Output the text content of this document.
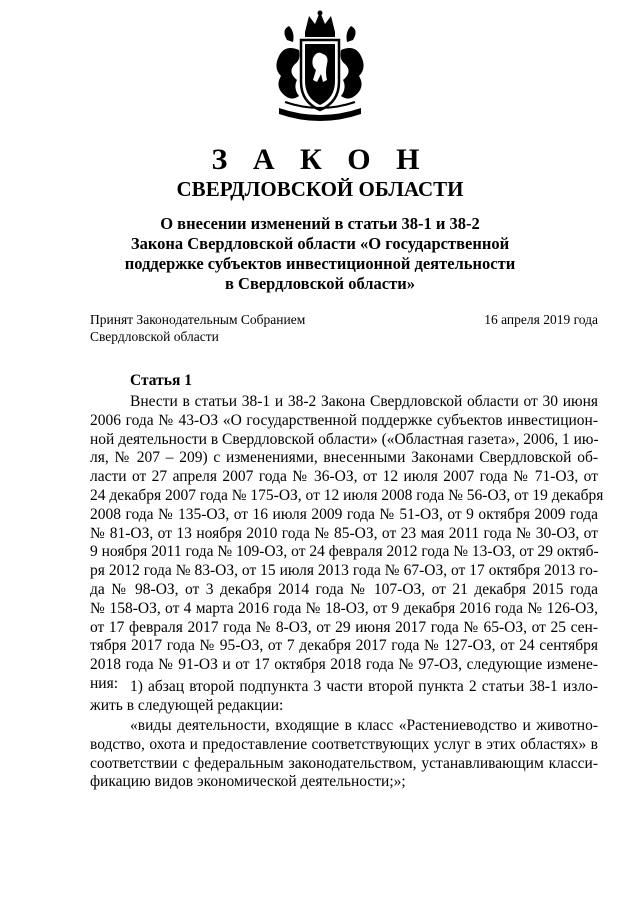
З А К О Н
СВЕРДЛОВСКОЙ ОБЛАСТИ
О внесении изменений в статьи 38-1 и 38-2
Закона Свердловской области «О государственной
поддержке субъектов инвестиционной деятельности
в Свердловской области»
Принят Законодательным Собранием
Свердловской области
16 апреля 2019 года
Статья 1
Внести в статьи 38-1 и 38-2 Закона Свердловской области от 30 июня
2006 года № 43-ОЗ «О государственной поддержке субъектов инвестицион-
ной деятельности в Свердловской области» («Областная газета», 2006, 1 ию-
ля, № 207 – 209) с изменениями, внесенными Законами Свердловской об-
ласти от 27 апреля 2007 года № 36-ОЗ, от 12 июля 2007 года № 71-ОЗ, от
24 декабря 2007 года № 175-ОЗ, от 12 июля 2008 года № 56-ОЗ, от 19 декабря
2008 года № 135-ОЗ, от 16 июля 2009 года № 51-ОЗ, от 9 октября 2009 года
№ 81-ОЗ, от 13 ноября 2010 года № 85-ОЗ, от 23 мая 2011 года № 30-ОЗ, от
9 ноября 2011 года № 109-ОЗ, от 24 февраля 2012 года № 13-ОЗ, от 29 октяб-
ря 2012 года № 83-ОЗ, от 15 июля 2013 года № 67-ОЗ, от 17 октября 2013 го-
да № 98-ОЗ, от 3 декабря 2014 года № 107-ОЗ, от 21 декабря 2015 года
№ 158-ОЗ, от 4 марта 2016 года № 18-ОЗ, от 9 декабря 2016 года № 126-ОЗ,
от 17 февраля 2017 года № 8-ОЗ, от 29 июня 2017 года № 65-ОЗ, от 25 сен-
тября 2017 года № 95-ОЗ, от 7 декабря 2017 года № 127-ОЗ, от 24 сентября
2018 года № 91-ОЗ и от 17 октября 2018 года № 97-ОЗ, следующие измене-
ния: 1) абзац второй подпункта 3 части второй пункта 2 статьи 38-1 изло-
жить в следующей редакции:
«виды деятельности, входящие в класс «Растениеводство и животно-
водство, охота и предоставление соответствующих услуг в этих областях» в
соответствии с федеральным законодательством, устанавливающим класси-
фикацию видов экономической деятельности;»;
